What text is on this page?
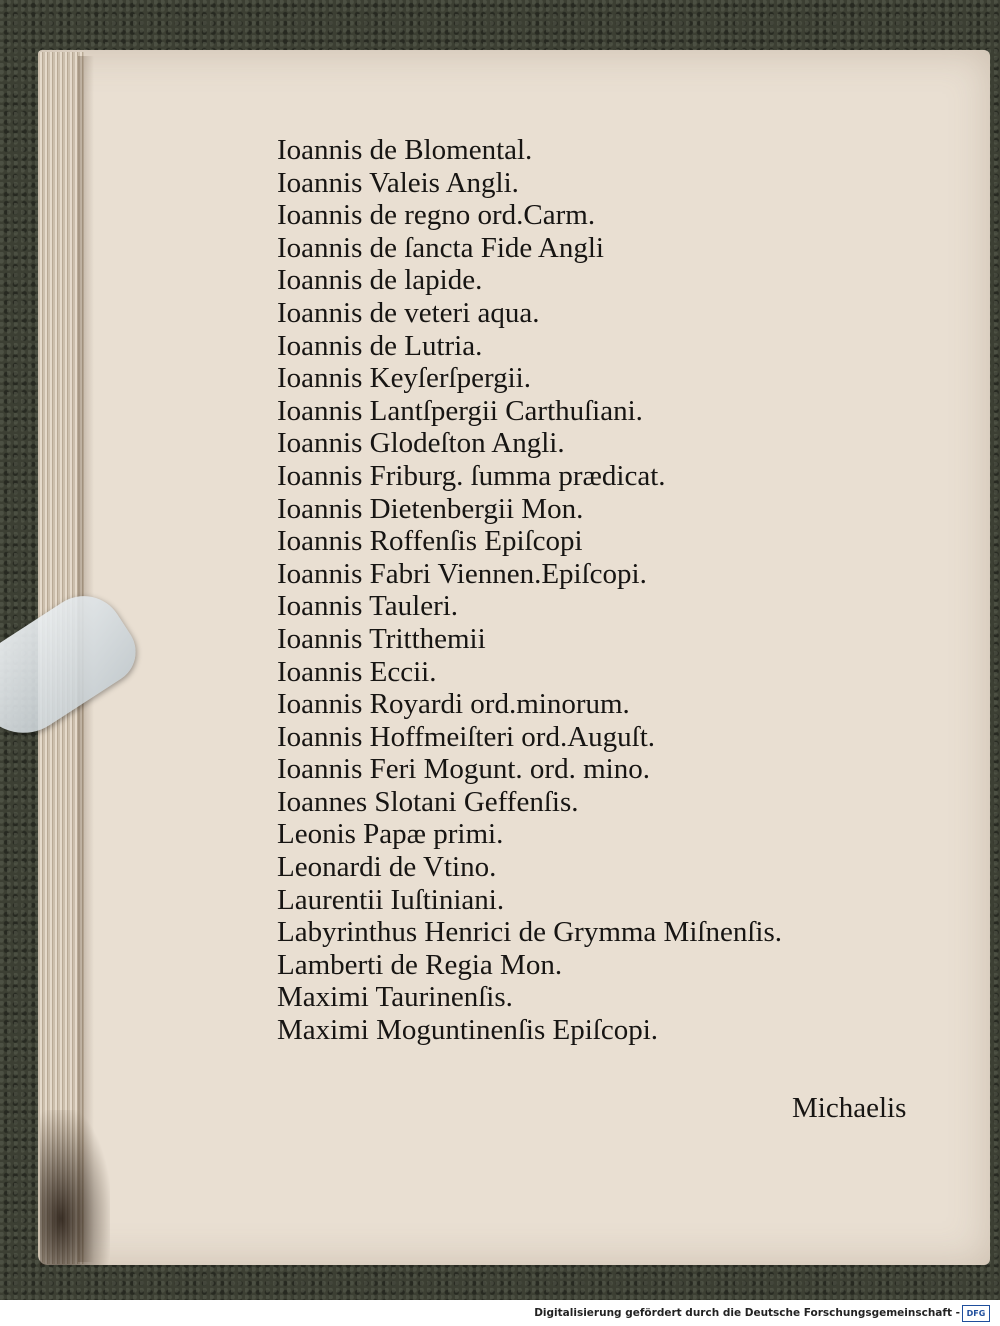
Ioannis de Blomental.
Ioannis Valeis Angli.
Ioannis de regno ord.Carm.
Ioannis de ſancta Fide Angli
Ioannis de lapide.
Ioannis de veteri aqua.
Ioannis de Lutria.
Ioannis Keyſerſpergii.
Ioannis Lantſpergii Carthuſiani.
Ioannis Glodeſton Angli.
Ioannis Friburg. ſumma prædicat.
Ioannis Dietenbergii Mon.
Ioannis Roffenſis Epiſcopi
Ioannis Fabri Viennen.Epiſcopi.
Ioannis Tauleri.
Ioannis Tritthemii
Ioannis Eccii.
Ioannis Royardi ord.minorum.
Ioannis Hoffmeiſteri ord.Auguſt.
Ioannis Feri Mogunt. ord. mino.
Ioannes Slotani Geffenſis.
Leonis Papæ primi.
Leonardi de Vtino.
Laurentii Iuſtiniani.
Labyrinthus Henrici de Grymma Miſnenſis.
Lamberti de Regia Mon.
Maximi Taurinenſis.
Maximi Moguntinenſis Epiſcopi.
Michaelis
Digitalisierung gefördert durch die Deutsche Forschungsgemeinschaft - DFG
